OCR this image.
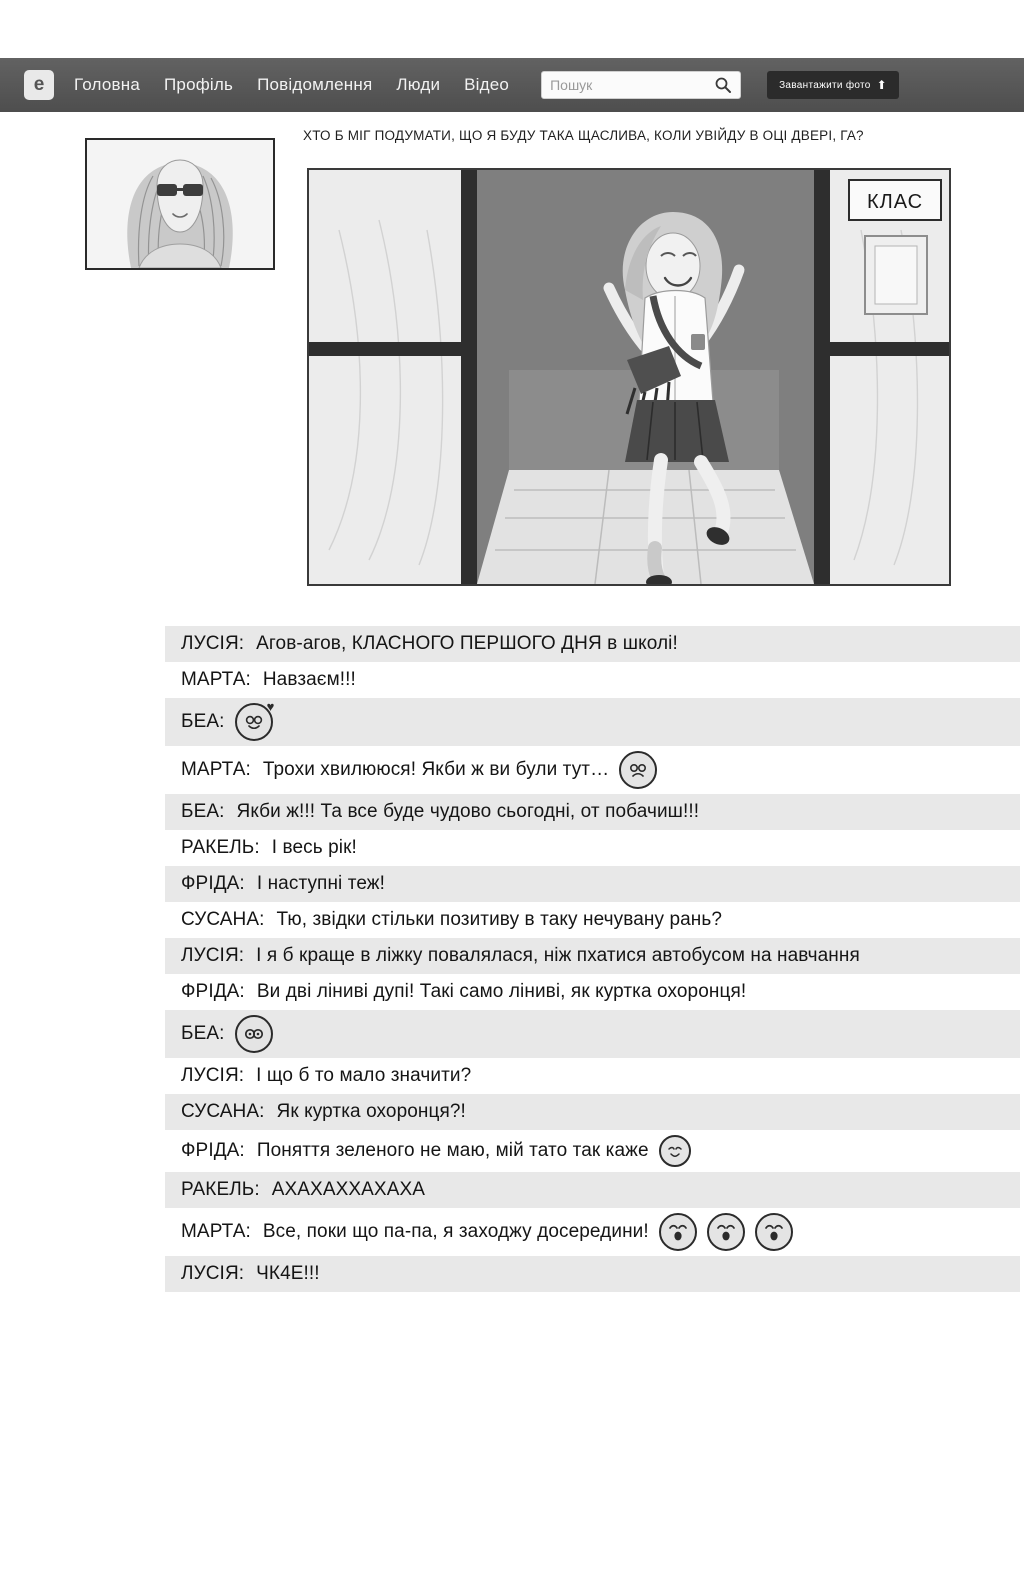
e	Головна Профіль Повідомлення Люди Відео	Пошук	Завантажити фото ⬆
ХТО Б МІГ ПОДУМАТИ, ЩО Я БУДУ ТАКА ЩАСЛИВА, КОЛИ УВІЙДУ В ОЦІ ДВЕРІ, ГА?
КЛАС
ЛУСІЯ: Агов-агов, КЛАСНОГО ПЕРШОГО ДНЯ в школі!
МАРТА: Навзаєм!!!
БЕА:
♥
МАРТА: Трохи хвилююся! Якби ж ви були тут…
БЕА: Якби ж!!! Та все буде чудово сьогодні, от побачиш!!!
РАКЕЛЬ: І весь рік!
ФРІДА: І наступні теж!
СУСАНА: Тю, звідки стільки позитиву в таку нечувану рань?
ЛУСІЯ: І я б краще в ліжку повалялася, ніж пхатися автобусом на навчання
ФРІДА: Ви дві лінивi дупі! Такі само ліниві, як куртка охоронця!
БЕА:
ЛУСІЯ: І що б то мало значити?
СУСАНА: Як куртка охоронця?!
ФРІДА: Поняття зеленого не маю, мій тато так каже
РАКЕЛЬ: АХАХАХХАХАХА
МАРТА: Все, поки що па-па, я заходжу досередини!
ЛУСІЯ: ЧК4Е!!!
